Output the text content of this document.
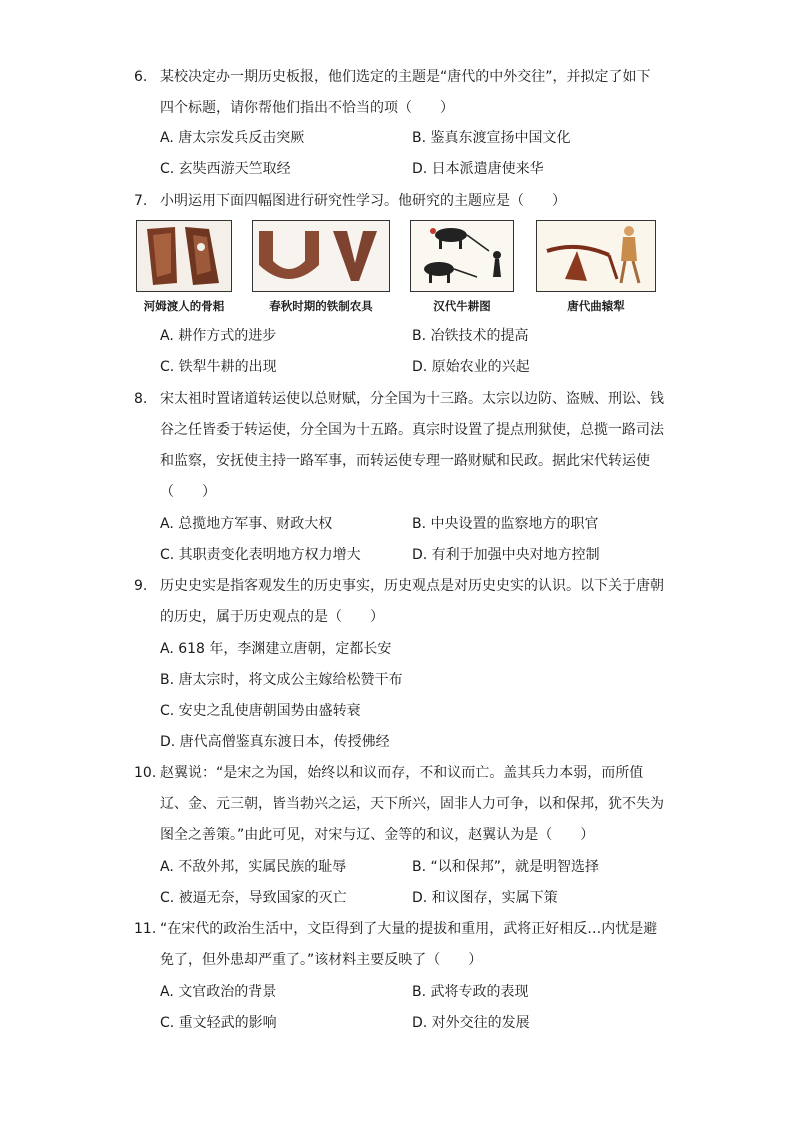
6. 某校决定办一期历史板报，他们选定的主题是“唐代的中外交往”，并拟定了如下四个标题，请你帮他们指出不恰当的项（　　）
A. 唐太宗发兵反击突厥	B. 鉴真东渡宣扬中国文化
C. 玄奘西游天竺取经	D. 日本派遣唐使来华
7. 小明运用下面四幅图进行研究性学习。他研究的主题应是（　　）
河姆渡人的骨耜	春秋时期的铁制农具	汉代牛耕图	唐代曲辕犁
A. 耕作方式的进步	B. 冶铁技术的提高
C. 铁犁牛耕的出现	D. 原始农业的兴起
8. 宋太祖时置诸道转运使以总财赋，分全国为十三路。太宗以边防、盗贼、刑讼、钱谷之任皆委于转运使，分全国为十五路。真宗时设置了提点刑狱使，总揽一路司法和监察，安抚使主持一路军事，而转运使专理一路财赋和民政。据此宋代转运使（　　）
A. 总揽地方军事、财政大权	B. 中央设置的监察地方的职官
C. 其职责变化表明地方权力增大	D. 有利于加强中央对地方控制
9. 历史史实是指客观发生的历史事实，历史观点是对历史史实的认识。以下关于唐朝的历史，属于历史观点的是（　　）
A. 618 年，李渊建立唐朝，定都长安
B. 唐太宗时，将文成公主嫁给松赞干布
C. 安史之乱使唐朝国势由盛转衰
D. 唐代高僧鉴真东渡日本，传授佛经
10. 赵翼说：“是宋之为国，始终以和议而存，不和议而亡。盖其兵力本弱，而所值辽、金、元三朝，皆当勃兴之运，天下所兴，固非人力可争，以和保邦，犹不失为图全之善策。”由此可见，对宋与辽、金等的和议，赵翼认为是（　　）
A. 不敌外邦，实属民族的耻辱	B. “以和保邦”，就是明智选择
C. 被逼无奈，导致国家的灭亡	D. 和议图存，实属下策
11. “在宋代的政治生活中，文臣得到了大量的提拔和重用，武将正好相反…内忧是避免了，但外患却严重了。”该材料主要反映了（　　）
A. 文官政治的背景	B. 武将专政的表现
C. 重文轻武的影响	D. 对外交往的发展
